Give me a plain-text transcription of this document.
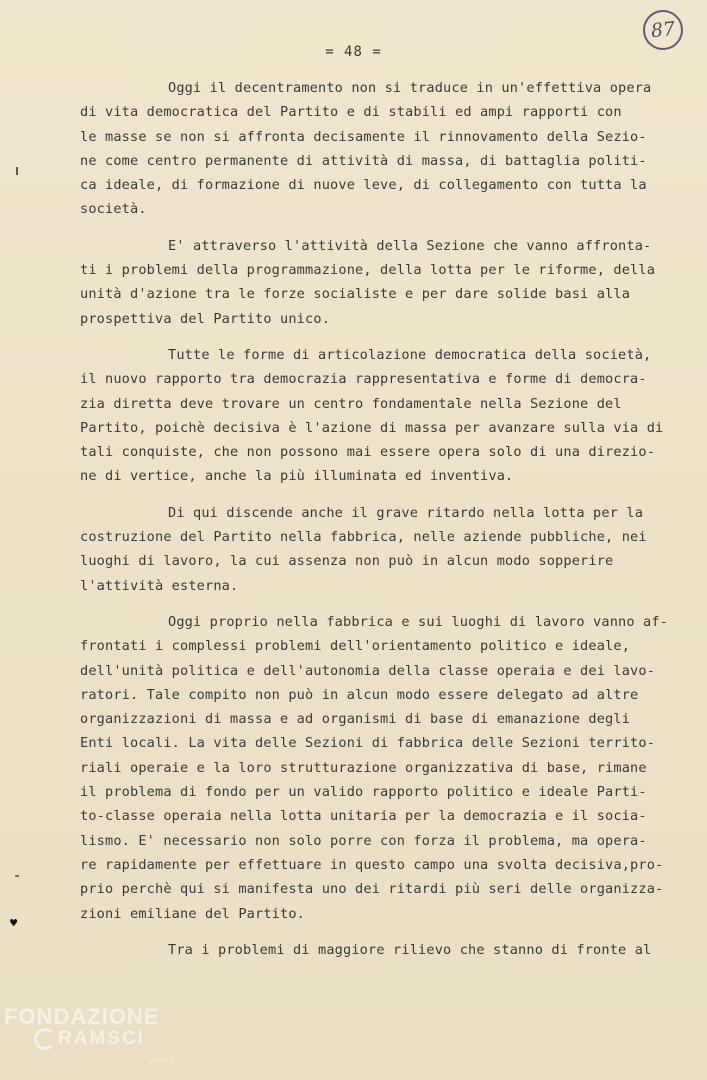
= 48 =
87
♥

Oggi il decentramento non si traduce in un'effettiva opera
di vita democratica del Partito e di stabili ed ampi rapporti con
le masse se non si affronta decisamente il rinnovamento della Sezio-
ne come centro permanente di attività di massa, di battaglia politi-
ca ideale, di formazione di nuove leve, di collegamento con tutta la
società.

E' attraverso l'attività della Sezione che vanno affronta-
ti i problemi della programmazione, della lotta per le riforme, della
unità d'azione tra le forze socialiste e per dare solide basi alla
prospettiva del Partito unico.

Tutte le forme di articolazione democratica della società,
il nuovo rapporto tra democrazia rappresentativa e forme di democra-
zia diretta deve trovare un centro fondamentale nella Sezione del
Partito, poichè decisiva è l'azione di massa per avanzare sulla via di
tali conquiste, che non possono mai essere opera solo di una direzio-
ne di vertice, anche la più illuminata ed inventiva.

Di qui discende anche il grave ritardo nella lotta per la
costruzione del Partito nella fabbrica, nelle aziende pubbliche, nei
luoghi di lavoro, la cui assenza non può in alcun modo sopperire
l'attività esterna.

Oggi proprio nella fabbrica e sui luoghi di lavoro vanno af-
frontati i complessi problemi dell'orientamento politico e ideale,
dell'unità politica e dell'autonomia della classe operaia e dei lavo-
ratori. Tale compito non può in alcun modo essere delegato ad altre
organizzazioni di massa e ad organismi di base di emanazione degli
Enti locali. La vita delle Sezioni di fabbrica delle Sezioni territo-
riali operaie e la loro strutturazione organizzativa di base, rimane
il problema di fondo per un valido rapporto politico e ideale Parti-
to-classe operaia nella lotta unitaria per la democrazia e il socia-
lismo. E' necessario non solo porre con forza il problema, ma opera-
re rapidamente per effettuare in questo campo una svolta decisiva,pro-
prio perchè qui si manifesta uno dei ritardi più seri delle organizza-
zioni emiliane del Partito.

Tra i problemi di maggiore rilievo che stanno di fronte al

FONDAZIONE
RAMSCI
onlus
